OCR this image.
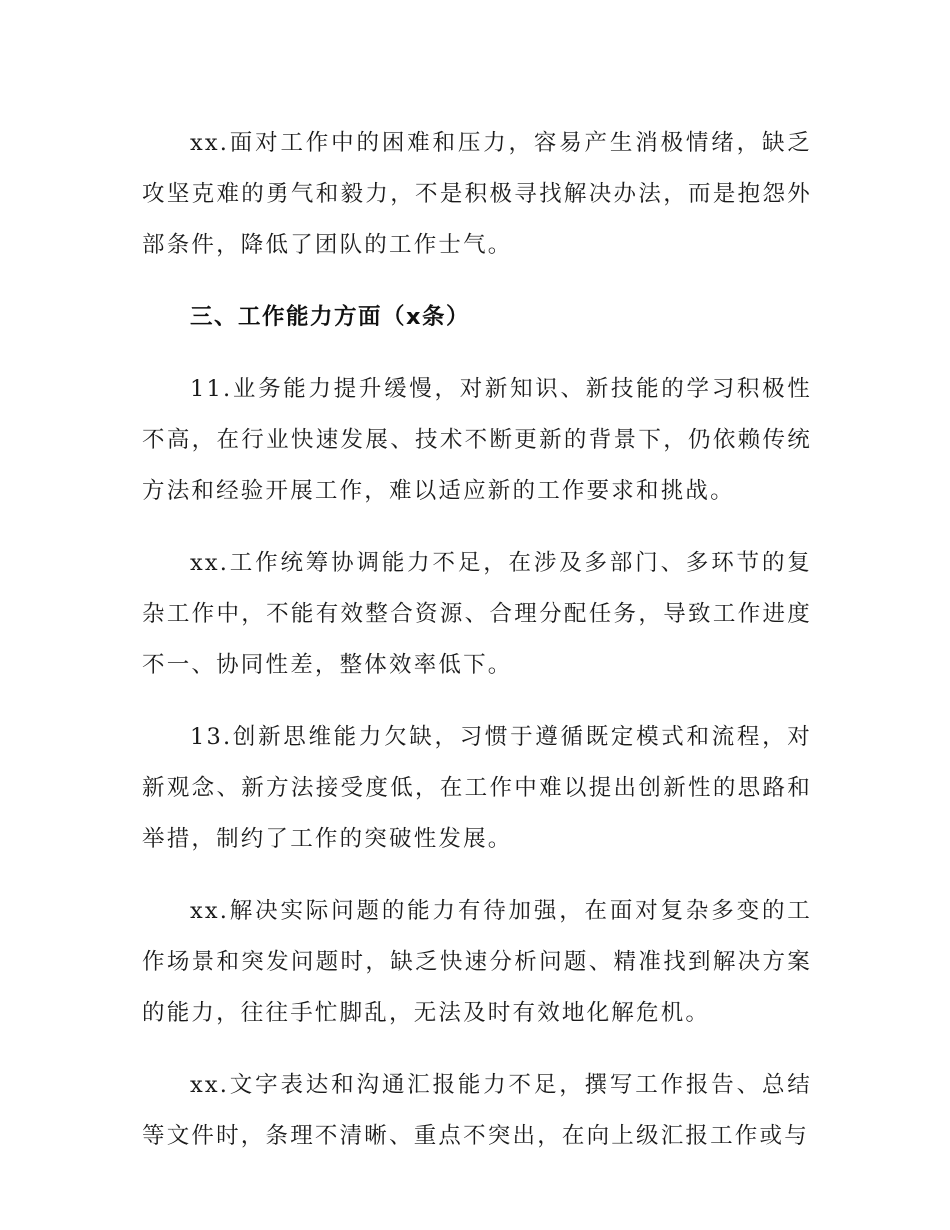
xx.面对工作中的困难和压力，容易产生消极情绪，缺乏攻坚克难的勇气和毅力，不是积极寻找解决办法，而是抱怨外部条件，降低了团队的工作士气。

三、工作能力方面（x条）

11.业务能力提升缓慢，对新知识、新技能的学习积极性不高，在行业快速发展、技术不断更新的背景下，仍依赖传统方法和经验开展工作，难以适应新的工作要求和挑战。

xx.工作统筹协调能力不足，在涉及多部门、多环节的复杂工作中，不能有效整合资源、合理分配任务，导致工作进度不一、协同性差，整体效率低下。

13.创新思维能力欠缺，习惯于遵循既定模式和流程，对新观念、新方法接受度低，在工作中难以提出创新性的思路和举措，制约了工作的突破性发展。

xx.解决实际问题的能力有待加强，在面对复杂多变的工作场景和突发问题时，缺乏快速分析问题、精准找到解决方案的能力，往往手忙脚乱，无法及时有效地化解危机。

xx.文字表达和沟通汇报能力不足，撰写工作报告、总结等文件时，条理不清晰、重点不突出，在向上级汇报工作或与
